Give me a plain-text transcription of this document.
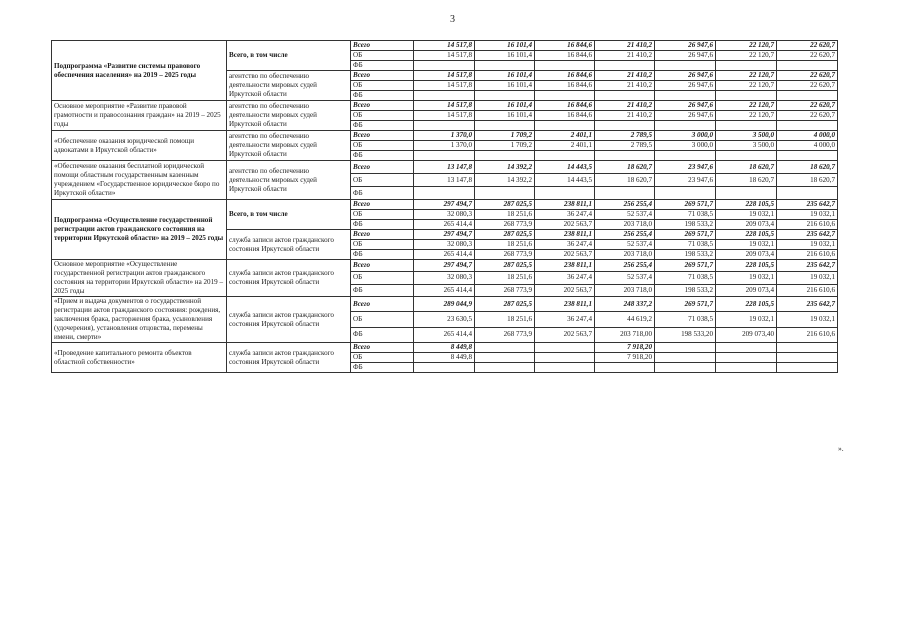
3
Подпрограмма «Развитие системы правового обеспечения населения» на 2019 – 2025 годы	Всего, в том числе	Всего	14 517,8	16 101,4	16 844,6	21 410,2	26 947,6	22 120,7	22 620,7
		ОБ	14 517,8	16 101,4	16 844,6	21 410,2	26 947,6	22 120,7	22 620,7
		ФБ							
	агентство по обеспечению деятельности мировых судей Иркутской области	Всего	14 517,8	16 101,4	16 844,6	21 410,2	26 947,6	22 120,7	22 620,7
		ОБ	14 517,8	16 101,4	16 844,6	21 410,2	26 947,6	22 120,7	22 620,7
		ФБ							
Основное мероприятие «Развитие правовой грамотности и правосознания граждан» на 2019 – 2025 годы	агентство по обеспечению деятельности мировых судей Иркутской области	Всего	14 517,8	16 101,4	16 844,6	21 410,2	26 947,6	22 120,7	22 620,7
		ОБ	14 517,8	16 101,4	16 844,6	21 410,2	26 947,6	22 120,7	22 620,7
		ФБ							
«Обеспечение оказания юридической помощи адвокатами в Иркутской области»	агентство по обеспечению деятельности мировых судей Иркутской области	Всего	1 370,0	1 709,2	2 401,1	2 789,5	3 000,0	3 500,0	4 000,0
		ОБ	1 370,0	1 709,2	2 401,1	2 789,5	3 000,0	3 500,0	4 000,0
		ФБ							
«Обеспечение оказания бесплатной юридической помощи областным государственным казенным учреждением «Государственное юридическое бюро по Иркутской области»	агентство по обеспечению деятельности мировых судей Иркутской области	Всего	13 147,8	14 392,2	14 443,5	18 620,7	23 947,6	18 620,7	18 620,7
		ОБ	13 147,8	14 392,2	14 443,5	18 620,7	23 947,6	18 620,7	18 620,7
		ФБ							
Подпрограмма «Осуществление государственной регистрации актов гражданского состояния на территории Иркутской области» на 2019 – 2025 годы	Всего, в том числе	Всего	297 494,7	287 025,5	238 811,1	256 255,4	269 571,7	228 105,5	235 642,7
		ОБ	32 080,3	18 251,6	36 247,4	52 537,4	71 038,5	19 032,1	19 032,1
		ФБ	265 414,4	268 773,9	202 563,7	203 718,0	198 533,2	209 073,4	216 610,6
	служба записи актов гражданского состояния Иркутской области	Всего	297 494,7	287 025,5	238 811,1	256 255,4	269 571,7	228 105,5	235 642,7
		ОБ	32 080,3	18 251,6	36 247,4	52 537,4	71 038,5	19 032,1	19 032,1
		ФБ	265 414,4	268 773,9	202 563,7	203 718,0	198 533,2	209 073,4	216 610,6
Основное мероприятие «Осуществление государственной регистрации актов гражданского состояния на территории Иркутской области» на 2019 – 2025 годы	служба записи актов гражданского состояния Иркутской области	Всего	297 494,7	287 025,5	238 811,1	256 255,4	269 571,7	228 105,5	235 642,7
		ОБ	32 080,3	18 251,6	36 247,4	52 537,4	71 038,5	19 032,1	19 032,1
		ФБ	265 414,4	268 773,9	202 563,7	203 718,0	198 533,2	209 073,4	216 610,6
«Прием и выдача документов о государственной регистрации актов гражданского состояния: рождения, заключения брака, расторжения брака, усыновления (удочерения), установления отцовства, перемены имени, смерти»	служба записи актов гражданского состояния Иркутской области	Всего	289 044,9	287 025,5	238 811,1	248 337,2	269 571,7	228 105,5	235 642,7
		ОБ	23 630,5	18 251,6	36 247,4	44 619,2	71 038,5	19 032,1	19 032,1
		ФБ	265 414,4	268 773,9	202 563,7	203 718,00	198 533,20	209 073,40	216 610,6
«Проведение капитального ремонта объектов областной собственности»	служба записи актов гражданского состояния Иркутской области	Всего	8 449,8			7 918,20			
		ОБ	8 449,8			7 918,20			
		ФБ							
».
